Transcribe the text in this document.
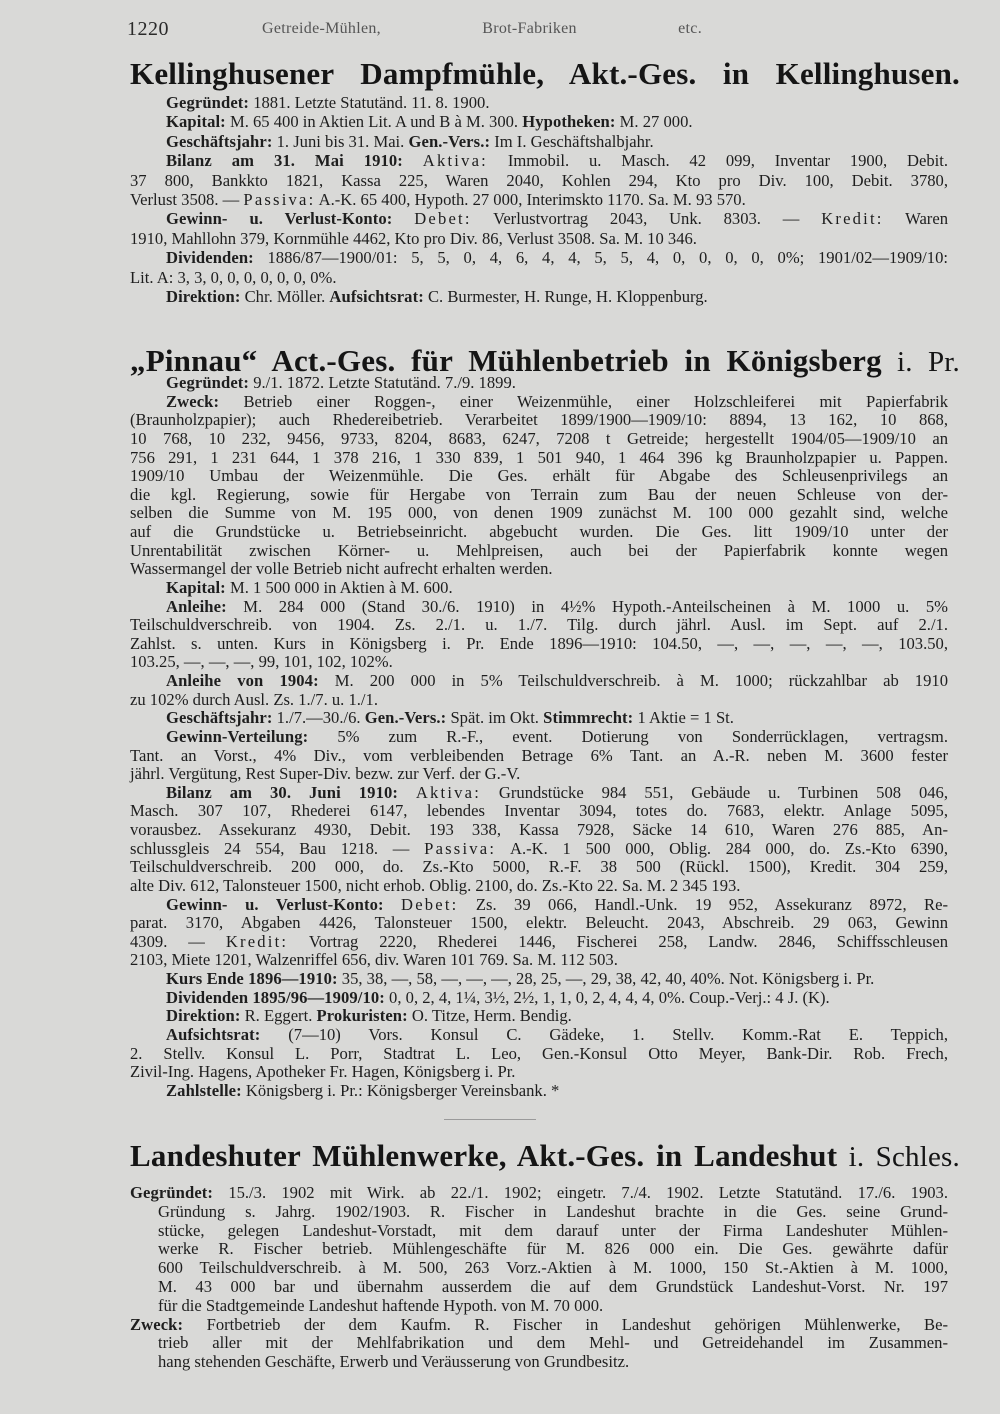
1220	Getreide-Mühlen, Brot-Fabriken etc.
Kellinghusener Dampfmühle, Akt.-Ges. in Kellinghusen.
Gegründet: 1881. Letzte Statutänd. 11. 8. 1900.
Kapital: M. 65 400 in Aktien Lit. A und B à M. 300. Hypotheken: M. 27 000.
Geschäftsjahr: 1. Juni bis 31. Mai. Gen.-Vers.: Im I. Geschäftshalbjahr.
Bilanz am 31. Mai 1910: Aktiva: Immobil. u. Masch. 42 099, Inventar 1900, Debit.
37 800, Bankkto 1821, Kassa 225, Waren 2040, Kohlen 294, Kto pro Div. 100, Debit. 3780,
Verlust 3508. — Passiva: A.-K. 65 400, Hypoth. 27 000, Interimskto 1170. Sa. M. 93 570.
Gewinn- u. Verlust-Konto: Debet: Verlustvortrag 2043, Unk. 8303. — Kredit: Waren
1910, Mahllohn 379, Kornmühle 4462, Kto pro Div. 86, Verlust 3508. Sa. M. 10 346.
Dividenden: 1886/87—1900/01: 5, 5, 0, 4, 6, 4, 4, 5, 5, 4, 0, 0, 0, 0, 0%; 1901/02—1909/10:
Lit. A: 3, 3, 0, 0, 0, 0, 0, 0, 0%.
Direktion: Chr. Möller. Aufsichtsrat: C. Burmester, H. Runge, H. Kloppenburg.
„Pinnau“ Act.-Ges. für Mühlenbetrieb in Königsberg i. Pr.
Gegründet: 9./1. 1872. Letzte Statutänd. 7./9. 1899.
Zweck: Betrieb einer Roggen-, einer Weizenmühle, einer Holzschleiferei mit Papierfabrik
(Braunholzpapier); auch Rhedereibetrieb. Verarbeitet 1899/1900—1909/10: 8894, 13 162, 10 868,
10 768, 10 232, 9456, 9733, 8204, 8683, 6247, 7208 t Getreide; hergestellt 1904/05—1909/10 an
756 291, 1 231 644, 1 378 216, 1 330 839, 1 501 940, 1 464 396 kg Braunholzpapier u. Pappen.
1909/10 Umbau der Weizenmühle. Die Ges. erhält für Abgabe des Schleusenprivilegs an
die kgl. Regierung, sowie für Hergabe von Terrain zum Bau der neuen Schleuse von der-
selben die Summe von M. 195 000, von denen 1909 zunächst M. 100 000 gezahlt sind, welche
auf die Grundstücke u. Betriebseinricht. abgebucht wurden. Die Ges. litt 1909/10 unter der
Unrentabilität zwischen Körner- u. Mehlpreisen, auch bei der Papierfabrik konnte wegen
Wassermangel der volle Betrieb nicht aufrecht erhalten werden.
Kapital: M. 1 500 000 in Aktien à M. 600.
Anleihe: M. 284 000 (Stand 30./6. 1910) in 4½% Hypoth.-Anteilscheinen à M. 1000 u. 5%
Teilschuldverschreib. von 1904. Zs. 2./1. u. 1./7. Tilg. durch jährl. Ausl. im Sept. auf 2./1.
Zahlst. s. unten. Kurs in Königsberg i. Pr. Ende 1896—1910: 104.50, —, —, —, —, —, 103.50,
103.25, —, —, —, 99, 101, 102, 102%.
Anleihe von 1904: M. 200 000 in 5% Teilschuldverschreib. à M. 1000; rückzahlbar ab 1910
zu 102% durch Ausl. Zs. 1./7. u. 1./1.
Geschäftsjahr: 1./7.—30./6. Gen.-Vers.: Spät. im Okt. Stimmrecht: 1 Aktie = 1 St.
Gewinn-Verteilung: 5% zum R.-F., event. Dotierung von Sonderrücklagen, vertragsm.
Tant. an Vorst., 4% Div., vom verbleibenden Betrage 6% Tant. an A.-R. neben M. 3600 fester
jährl. Vergütung, Rest Super-Div. bezw. zur Verf. der G.-V.
Bilanz am 30. Juni 1910: Aktiva: Grundstücke 984 551, Gebäude u. Turbinen 508 046,
Masch. 307 107, Rhederei 6147, lebendes Inventar 3094, totes do. 7683, elektr. Anlage 5095,
vorausbez. Assekuranz 4930, Debit. 193 338, Kassa 7928, Säcke 14 610, Waren 276 885, An-
schlussgleis 24 554, Bau 1218. — Passiva: A.-K. 1 500 000, Oblig. 284 000, do. Zs.-Kto 6390,
Teilschuldverschreib. 200 000, do. Zs.-Kto 5000, R.-F. 38 500 (Rückl. 1500), Kredit. 304 259,
alte Div. 612, Talonsteuer 1500, nicht erhob. Oblig. 2100, do. Zs.-Kto 22. Sa. M. 2 345 193.
Gewinn- u. Verlust-Konto: Debet: Zs. 39 066, Handl.-Unk. 19 952, Assekuranz 8972, Re-
parat. 3170, Abgaben 4426, Talonsteuer 1500, elektr. Beleucht. 2043, Abschreib. 29 063, Gewinn
4309. — Kredit: Vortrag 2220, Rhederei 1446, Fischerei 258, Landw. 2846, Schiffsschleusen
2103, Miete 1201, Walzenriffel 656, div. Waren 101 769. Sa. M. 112 503.
Kurs Ende 1896—1910: 35, 38, —, 58, —, —, —, 28, 25, —, 29, 38, 42, 40, 40%. Not. Königsberg i. Pr.
Dividenden 1895/96—1909/10: 0, 0, 2, 4, 1¼, 3½, 2½, 1, 1, 0, 2, 4, 4, 4, 0%. Coup.-Verj.: 4 J. (K).
Direktion: R. Eggert. Prokuristen: O. Titze, Herm. Bendig.
Aufsichtsrat: (7—10) Vors. Konsul C. Gädeke, 1. Stellv. Komm.-Rat E. Teppich,
2. Stellv. Konsul L. Porr, Stadtrat L. Leo, Gen.-Konsul Otto Meyer, Bank-Dir. Rob. Frech,
Zivil-Ing. Hagens, Apotheker Fr. Hagen, Königsberg i. Pr.
Zahlstelle: Königsberg i. Pr.: Königsberger Vereinsbank. *
Landeshuter Mühlenwerke, Akt.-Ges. in Landeshut i. Schles.
Gegründet: 15./3. 1902 mit Wirk. ab 22./1. 1902; eingetr. 7./4. 1902. Letzte Statutänd. 17./6. 1903.
Gründung s. Jahrg. 1902/1903. R. Fischer in Landeshut brachte in die Ges. seine Grund-
stücke, gelegen Landeshut-Vorstadt, mit dem darauf unter der Firma Landeshuter Mühlen-
werke R. Fischer betrieb. Mühlengeschäfte für M. 826 000 ein. Die Ges. gewährte dafür
600 Teilschuldverschreib. à M. 500, 263 Vorz.-Aktien à M. 1000, 150 St.-Aktien à M. 1000,
M. 43 000 bar und übernahm ausserdem die auf dem Grundstück Landeshut-Vorst. Nr. 197
für die Stadtgemeinde Landeshut haftende Hypoth. von M. 70 000.
Zweck: Fortbetrieb der dem Kaufm. R. Fischer in Landeshut gehörigen Mühlenwerke, Be-
trieb aller mit der Mehlfabrikation und dem Mehl- und Getreidehandel im Zusammen-
hang stehenden Geschäfte, Erwerb und Veräusserung von Grundbesitz.
